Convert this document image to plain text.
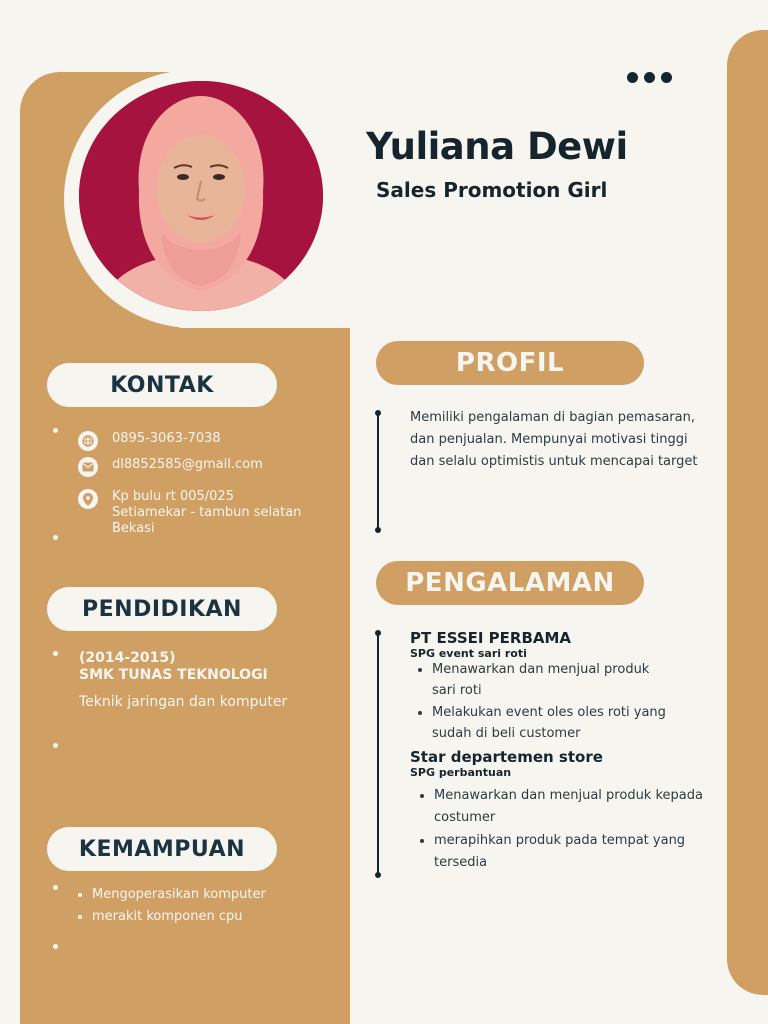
Yuliana Dewi
Sales Promotion Girl
KONTAK
0895-3063-7038
dl8852585@gmail.com
Kp bulu rt 005/025
Setiamekar - tambun selatan
Bekasi
PENDIDIKAN
(2014-2015)
SMK TUNAS TEKNOLOGI
Teknik jaringan dan komputer
KEMAMPUAN
• Mengoperasikan komputer
• merakit komponen cpu
PROFIL
Memiliki pengalaman di bagian pemasaran, dan penjualan. Mempunyai motivasi tinggi dan selalu optimistis untuk mencapai target
PENGALAMAN
PT ESSEI PERBAMA
SPG event sari roti
• Menawarkan dan menjual produk sari roti
• Melakukan event oles oles roti yang sudah di beli customer
Star departemen store
SPG perbantuan
• Menawarkan dan menjual produk kepada costumer
• merapihkan produk pada tempat yang tersedia
